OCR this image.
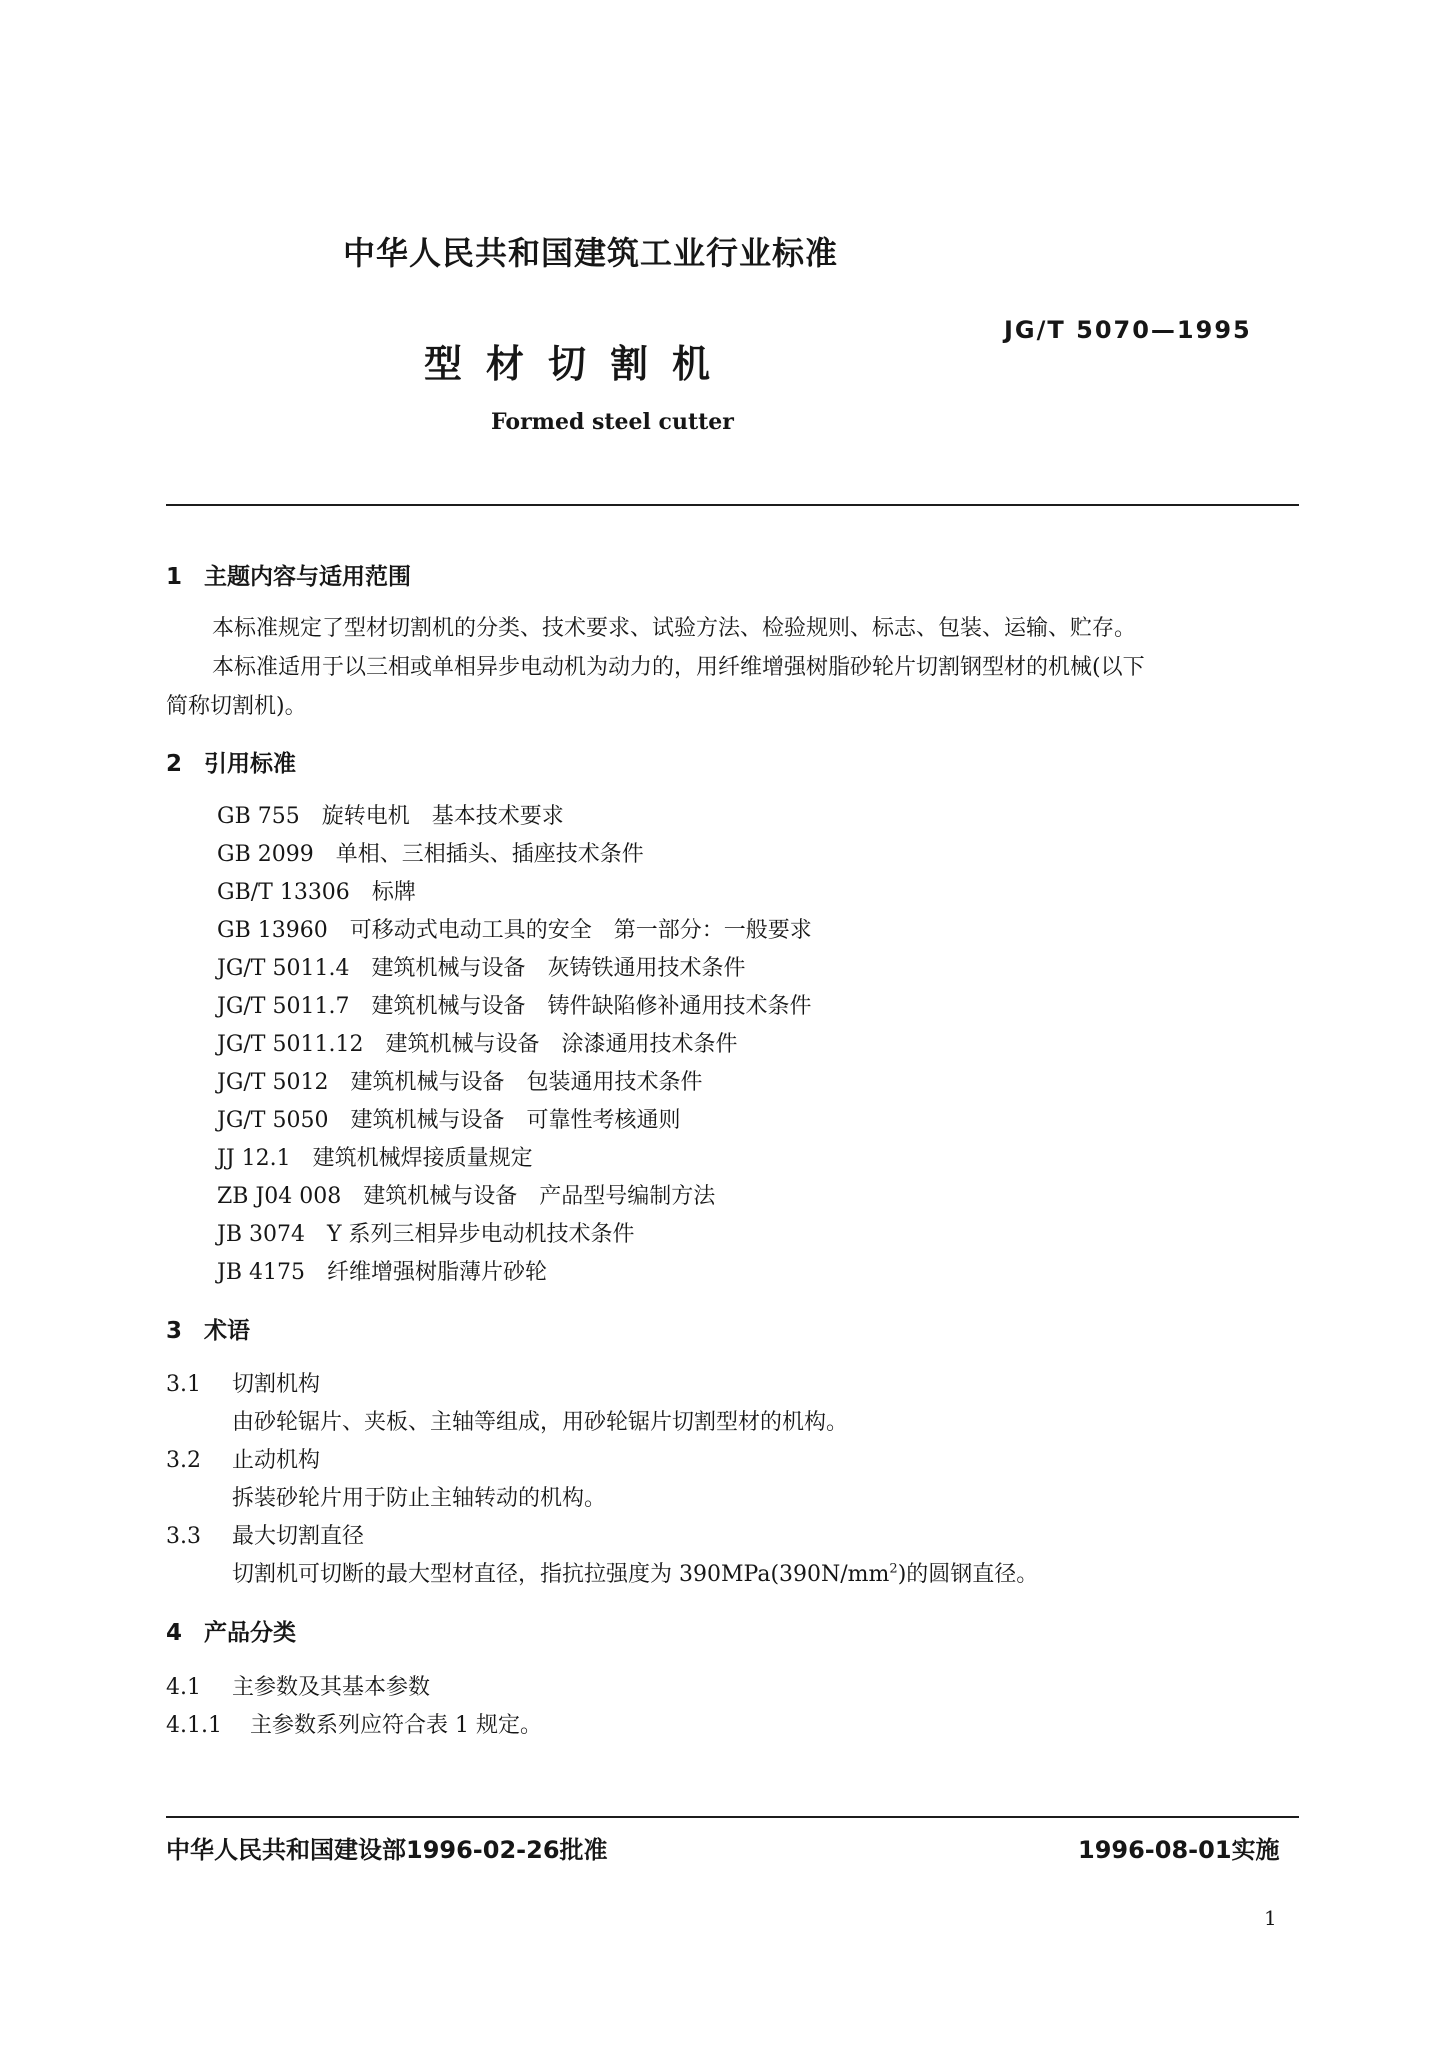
中华人民共和国建筑工业行业标准
JG/T 5070—1995
型材切割机
Formed steel cutter
1 主题内容与适用范围
本标准规定了型材切割机的分类、技术要求、试验方法、检验规则、标志、包装、运输、贮存。
本标准适用于以三相或单相异步电动机为动力的，用纤维增强树脂砂轮片切割钢型材的机械(以下
简称切割机)。
2 引用标准
GB 755 旋转电机　基本技术要求
GB 2099 单相、三相插头、插座技术条件
GB/T 13306 标牌
GB 13960 可移动式电动工具的安全　第一部分：一般要求
JG/T 5011.4 建筑机械与设备　灰铸铁通用技术条件
JG/T 5011.7 建筑机械与设备　铸件缺陷修补通用技术条件
JG/T 5011.12 建筑机械与设备　涂漆通用技术条件
JG/T 5012 建筑机械与设备　包装通用技术条件
JG/T 5050 建筑机械与设备　可靠性考核通则
JJ 12.1 建筑机械焊接质量规定
ZB J04 008 建筑机械与设备　产品型号编制方法
JB 3074 Y 系列三相异步电动机技术条件
JB 4175 纤维增强树脂薄片砂轮
3 术语
3.1 切割机构
由砂轮锯片、夹板、主轴等组成，用砂轮锯片切割型材的机构。
3.2 止动机构
拆装砂轮片用于防止主轴转动的机构。
3.3 最大切割直径
切割机可切断的最大型材直径，指抗拉强度为 $390MPa(390N/mm^2)$的圆钢直径。
4 产品分类
4.1 主参数及其基本参数
4.1.1 主参数系列应符合表 1 规定。
中华人民共和国建设部1996-02-26批准	1996-08-01实施
1
